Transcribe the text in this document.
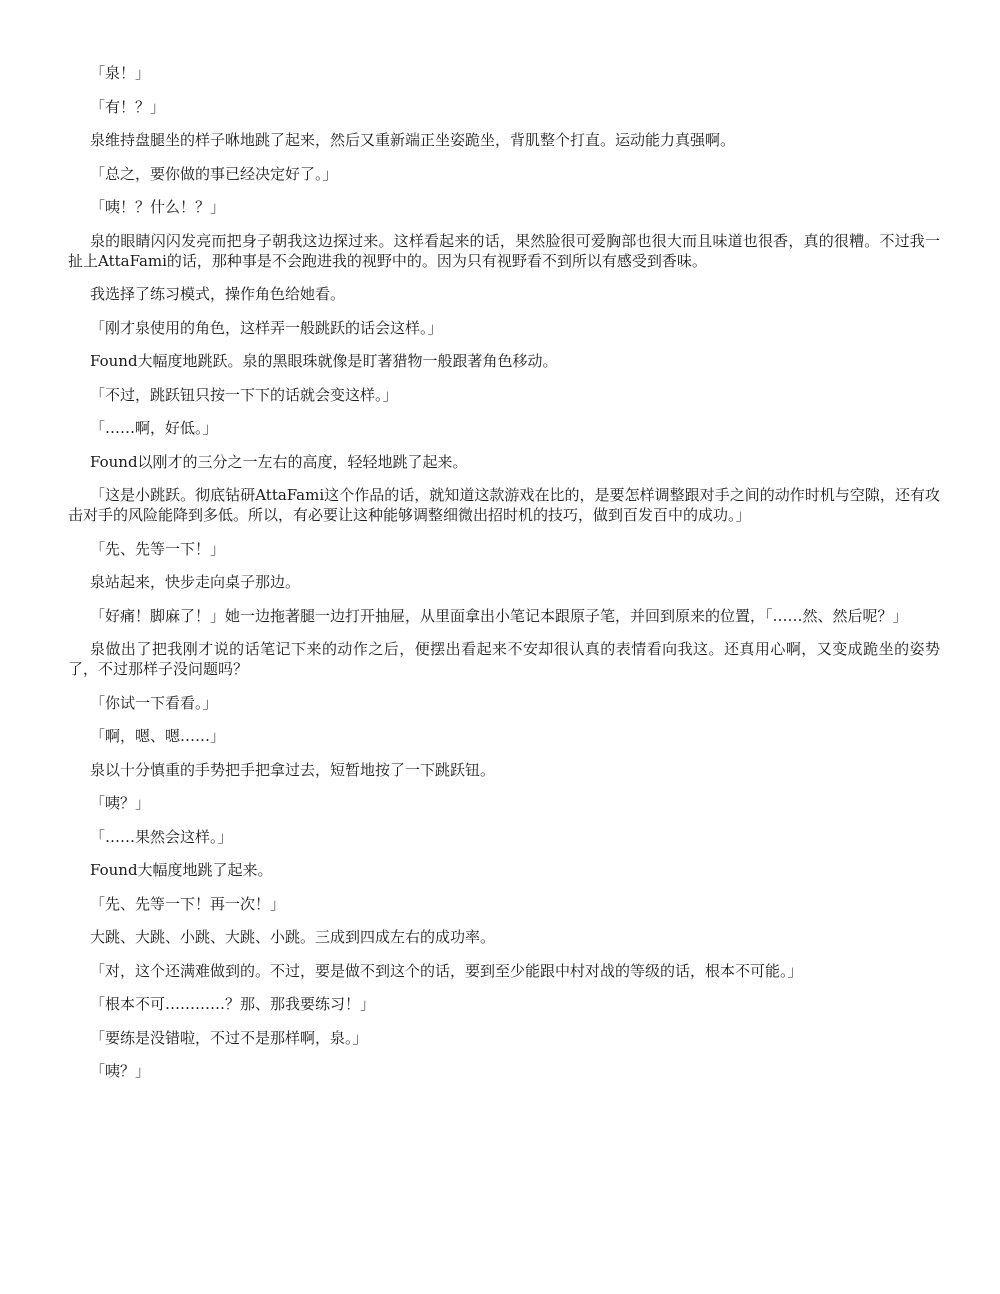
「泉！」

「有！？」

泉维持盘腿坐的样子咻地跳了起来，然后又重新端正坐姿跪坐，背肌整个打直。运动能力真强啊。

「总之，要你做的事已经决定好了。」

「咦！？什么！？」

泉的眼睛闪闪发亮而把身子朝我这边探过来。这样看起来的话，果然脸很可爱胸部也很大而且味道也很香，真的很糟。不过我一扯上AttaFami的话，那种事是不会跑进我的视野中的。因为只有视野看不到所以有感受到香味。

我选择了练习模式，操作角色给她看。

「刚才泉使用的角色，这样弄一般跳跃的话会这样。」

Found大幅度地跳跃。泉的黑眼珠就像是盯著猎物一般跟著角色移动。

「不过，跳跃钮只按一下下的话就会变这样。」

「……啊，好低。」

Found以刚才的三分之一左右的高度，轻轻地跳了起来。

「这是小跳跃。彻底钻研AttaFami这个作品的话，就知道这款游戏在比的，是要怎样调整跟对手之间的动作时机与空隙，还有攻击对手的风险能降到多低。所以，有必要让这种能够调整细微出招时机的技巧，做到百发百中的成功。」

「先、先等一下！」

泉站起来，快步走向桌子那边。

「好痛！脚麻了！」她一边拖著腿一边打开抽屉，从里面拿出小笔记本跟原子笔，并回到原来的位置，「……然、然后呢？」

泉做出了把我刚才说的话笔记下来的动作之后，便摆出看起来不安却很认真的表情看向我这。还真用心啊，又变成跪坐的姿势了，不过那样子没问题吗？

「你试一下看看。」

「啊，嗯、嗯……」

泉以十分慎重的手势把手把拿过去，短暂地按了一下跳跃钮。

「咦？」

「……果然会这样。」

Found大幅度地跳了起来。

「先、先等一下！再一次！」

大跳、大跳、小跳、大跳、小跳。三成到四成左右的成功率。

「对，这个还满难做到的。不过，要是做不到这个的话，要到至少能跟中村对战的等级的话，根本不可能。」

「根本不可…………？那、那我要练习！」

「要练是没错啦，不过不是那样啊，泉。」

「咦？」
